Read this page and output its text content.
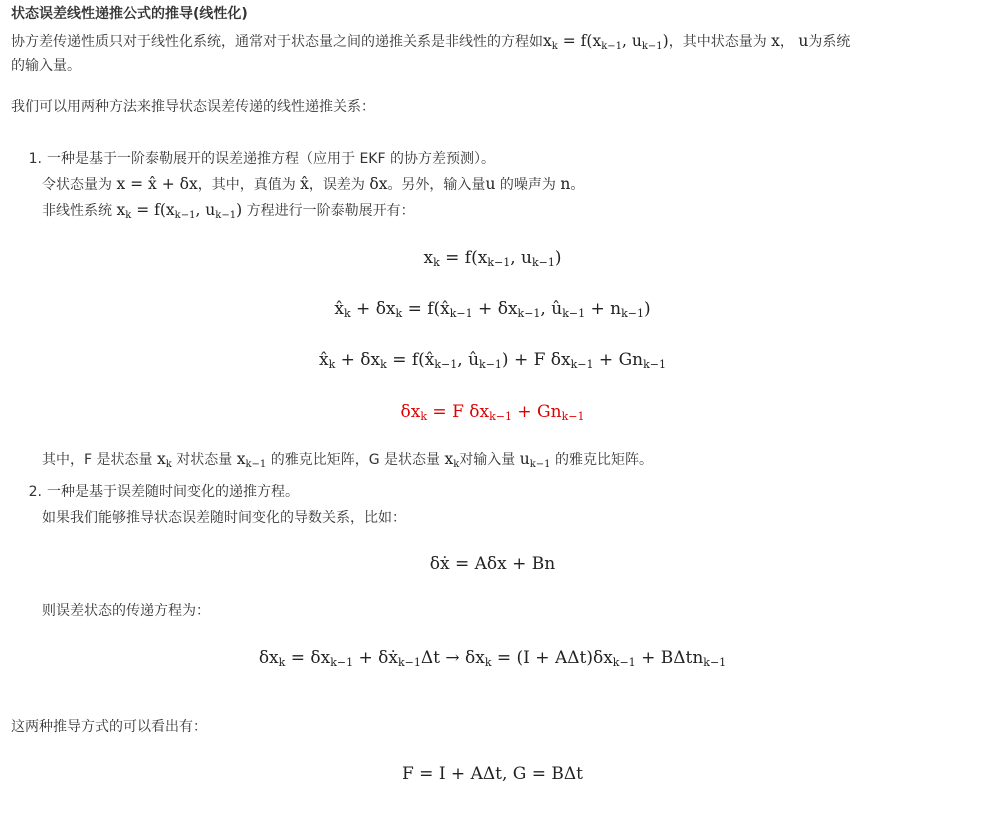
状态误差线性递推公式的推导(线性化)
协方差传递性质只对于线性化系统，通常对于状态量之间的递推关系是非线性的方程如$x_k = f(x_{k-1}$, $u_{k-1}$)，其中状态量为 x， u为系统
的输入量。
我们可以用两种方法来推导状态误差传递的线性递推关系：
1. 一种是基于一阶泰勒展开的误差递推方程（应用于 EKF 的协方差预测）。
令状态量为 x = x̂ + δx，其中，真值为 x̂，误差为 δx。另外，输入量u 的噪声为 n。
非线性系统 $x_k = f(x_{k-1}$, $u_{k-1}$) 方程进行一阶泰勒展开有：
$x_k = f(x_{k-1}$, $u_{k-1}$)
$x̂_k + \delta x_k$ = $f(x̂_{k-1} + \delta x_{k-1}$, $û_{k-1} + n_{k-1}$)
$x̂_k + \delta x_k$ = $f(x̂_{k-1}$, $û_{k-1}) + F$ $\delta x_{k-1} + Gn_{k-1}$
$\delta x_k = F$ $\delta x_{k-1} + Gn_{k-1}$
其中，F 是状态量 $x_k$ 对状态量 $x_{k-1}$ 的雅克比矩阵，G 是状态量 $x_k$对输入量 $u_{k-1}$ 的雅克比矩阵。
2. 一种是基于误差随时间变化的递推方程。
如果我们能够推导状态误差随时间变化的导数关系，比如：
δẋ = Aδx + Bn
则误差状态的传递方程为：
$\delta x_k = \delta x_{k-1}$ + δẋ$_{k-1}$Δt → $\delta x_k = (I + A\Delta t)\delta x_{k-1} + B\Delta tn_{k-1}$
这两种推导方式的可以看出有：
F = I + AΔt, G = BΔt
